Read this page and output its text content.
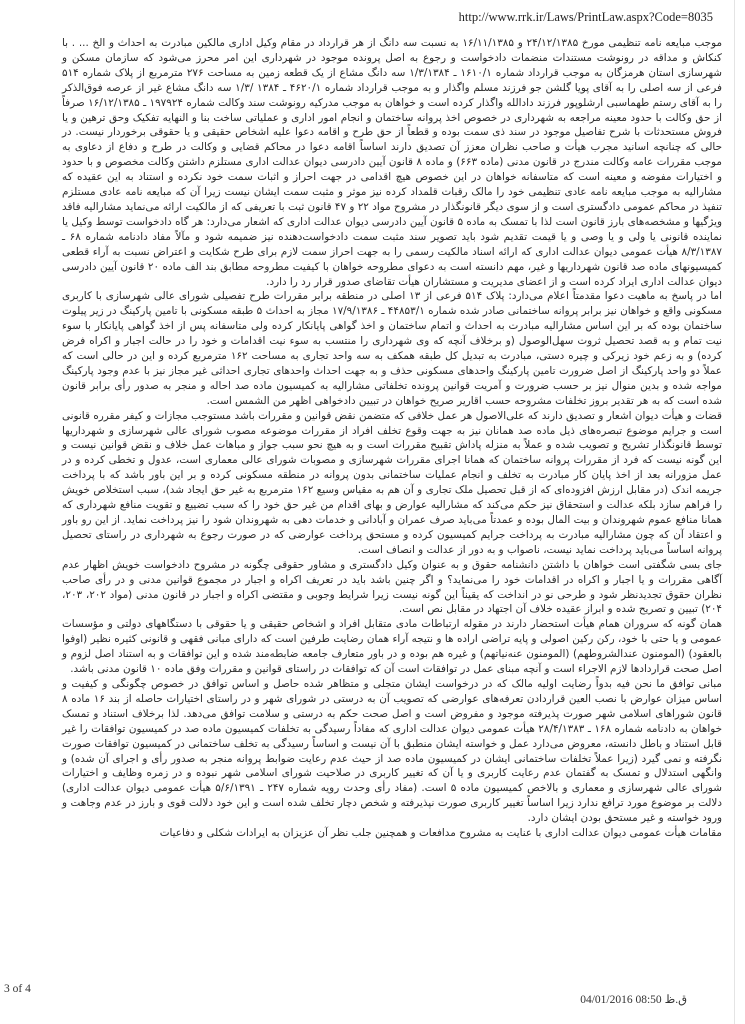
http://www.rrk.ir/Laws/PrintLaw.aspx?Code=8035

موجب مبایعه نامه تنظیمی مورخ ۲۴/۱۲/۱۳۸۵ و ۱۶/۱۱/۱۳۸۵ به نسبت سه دانگ از هر قرارداد در مقام وکیل اداری مالکین مبادرت به احداث و الخ ... . با کنکاش و مداقه در رونوشت مستندات منضمات دادخواست و رجوع به اصل پرونده موجود در شهرداری این امر محرز می‌شود که سازمان مسکن و شهرسازی استان هرمزگان به موجب قرارداد شماره ۱۶۱۰/۱ ـ ۱/۳/۱۳۸۴ سه دانگ مشاع از یک قطعه زمین به مساحت ۲۷۶ مترمربع از پلاک شماره ۵۱۴ فرعی از سه اصلی را به آقای پویا گلشن جو فرزند مسلم واگذار و به موجب قرارداد شماره ۴۶۲۰/۱ ـ ۱۳۸۴ /۱/۳ سه دانگ مشاع غیر از عرصه فوق‌الذکر را به آقای رستم طهماسبی ارشلوپور فرزند دادالله واگذار کرده است و خواهان به موجب مدرکیه رونوشت سند وکالت شماره ۱۹۷۹۲۴ ـ ۱۶/۱۲/۱۳۸۵ صرفاً از حق وکالت با حدود معینه مراجعه به شهرداری در خصوص اخذ پروانه ساختمان و انجام امور اداری و عملیاتی ساخت بنا و النهایه تفکیک وحق ترهین و یا فروش مستحدثات با شرح تفاصیل موجود در سند ذی سمت بوده و قطعاً از حق طرح و اقامه دعوا علیه اشخاص حقیقی و یا حقوقی برخوردار نیست. در حالی که چنانچه اسانید مجرب هیأت و صاحب نظران معزز آن تصدیق دارند اساساً اقامه دعوا در محاکم قضایی و وکالت در طرح و دفاع از دعاوی به موجب مقررات عامه وکالت مندرج در قانون مدنی (ماده ۶۶۳) و ماده ۸ قانون آیین دادرسی دیوان عدالت اداری مستلزم داشتن وکالت مخصوص و با حدود و اختیارات مفوضه و معینه است که متاسفانه خواهان در این خصوص هیچ اقدامی در جهت احراز و اثبات سمت خود نکرده و استناد به این عقیده که مشارالیه به موجب مبایعه نامه عادی تنظیمی خود را مالک رقبات قلمداد کرده نیز موثر و مثبت سمت ایشان نیست زیرا آن که مبایعه نامه عادی مستلزم تنفیذ در محاکم عمومی دادگستری است و از سوی دیگر قانونگذار در مشروح مواد ۲۲ و ۴۷ قانون ثبت با تعریفی که از مالکیت ارائه می‌نماید مشارالیه فاقد ویژگیها و مشخصه‌های بارز قانون است لذا با تمسک به ماده ۵ قانون آیین دادرسی دیوان عدالت اداری که اشعار می‌دارد: هر گاه دادخواست توسط وکیل یا نماینده قانونی یا ولی و یا وصی و یا قیمت تقدیم شود باید تصویر سند مثبت سمت دادخواست‌دهنده نیز ضمیمه شود و مآلاً مفاد دادنامه شماره ۶۸ ـ ۸/۳/۱۳۸۷ هیأت عمومی دیوان عدالت اداری که ارائه اسناد مالکیت رسمی را به جهت احراز سمت لازم برای طرح شکایت و اعتراض نسبت به آراء قطعی کمیسیونهای ماده صد قانون شهرداریها و غیر، مهم دانسته است به دعوای مطروحه خواهان با کیفیت مطروحه مطابق بند الف ماده ۲۰ قانون آیین دادرسی دیوان عدالت اداری ایراد کرده است و از اعضای مدیریت و مستشاران هیأت تقاضای صدور قرار رد را دارد.

اما در پاسخ به ماهیت دعوا مقدمتاً اعلام می‌دارد: پلاک ۵۱۴ فرعی از ۱۳ اصلی در منطقه برابر مقررات طرح تفصیلی شورای عالی شهرسازی با کاربری مسکونی واقع و خواهان نیز برابر پروانه ساختمانی صادر شده شماره ۴۴۸۵۳/۱ ـ ۱۷/۹/۱۳۸۶ مجاز به احداث ۵ طبقه مسکونی با تامین پارکینگ در زیر پیلوت ساختمان بوده که بر این اساس مشارالیه مبادرت به احداث و اتمام ساختمان و اخذ گواهی پایانکار کرده ولی متاسفانه پس از اخذ گواهی پایانکار با سوء نیت تمام و به قصد تحصیل ثروت سهل‌الوصول (و برخلاف آنچه که وی شهرداری را منتسب به سوء نیت اقدامات و خود را در حالت اجبار و اکراه فرض کرده) و به زعم خود زیرکی و چیره دستی، مبادرت به تبدیل کل طبقه همکف به سه واحد تجاری به مساحت ۱۶۲ مترمربع کرده و این در حالی است که عملاً دو واحد پارکینگ از اصل ضرورت تامین پارکینگ واحدهای مسکونی حذف و به جهت احداث واحدهای تجاری احداثی غیر مجاز نیز با عدم وجود پارکینگ مواجه شده و بدین منوال نیز بر حسب ضرورت و آمریت قوانین پرونده تخلفاتی مشارالیه به کمیسیون ماده صد احاله و منجر به صدور رأی برابر قانون شده است که به هر تقدیر بروز تخلفات مشروحه حسب اقاریر صریح خواهان در تبیین دادخواهی اظهر من الشمس است.

قضات و هیأت دیوان اشعار و تصدیق دارند که علی‌الاصول هر عمل خلافی که متضمن نقض قوانین و مقررات باشد مستوجب مجازات و کیفر مقرره قانونی است و جرایم موضوع تبصره‌های ذیل ماده صد همانان نیز به جهت وقوع تخلف افراد از مقررات موضوعه مصوب شورای عالی شهرسازی و شهرداریها توسط قانونگذار تشریح و تصویب شده و عملاً به منزله پاداش تقبیح مقررات است و به هیچ نحو سبب جواز و مباهات عمل خلاف و نقض قوانین نیست و این گونه نیست که فرد از مقررات پروانه ساختمان که همانا اجرای مقررات شهرسازی و مصوبات شورای عالی معماری است، عدول و تخطی کرده و در عمل مزورانه بعد از اخذ پایان کار مبادرت به تخلف و انجام عملیات ساختمانی بدون پروانه در منطقه مسکونی کرده و بر این باور باشد که با پرداخت جریمه اندک (در مقابل ارزش افزوده‌ای که از قبل تحصیل ملک تجاری و آن هم به مقیاس وسیع ۱۶۲ مترمربع به غیر حق ایجاد شد)، سبب استخلاص خویش را فراهم سازد بلکه عدالت و استحقاق نیز حکم می‌کند که مشارالیه عوارض و بهای اقدام من غیر حق خود را که سبب تضییع و تقویت منافع شهرداری که همانا منافع عموم شهروندان و بیت المال بوده و عمدتاً می‌باید صرف عمران و آبادانی و خدمات دهی به شهروندان شود را نیز پرداخت نماید. از این رو باور و اعتقاد آن که چون مشارالیه مبادرت به پرداخت جرایم کمیسیون کرده و مستحق پرداخت عوارضی که در صورت رجوع به شهرداری در راستای تحصیل پروانه اساساً می‌باید پرداخت نماید نیست، ناصواب و به دور از عدالت و انصاف است.

جای بسی شگفتی است خواهان با داشتن دانشنامه حقوق و به عنوان وکیل دادگستری و مشاور حقوقی چگونه در مشروح دادخواست خویش اظهار عدم آگاهی مقررات و یا اجبار و اکراه در اقدامات خود را می‌نماید؟ و اگر چنین باشد باید در تعریف اکراه و اجبار در مجموع قوانین مدنی و در رأی صاحب نظران حقوق تجدیدنظر شود و طرحی نو در انداخت که یقیناً این گونه نیست زیرا شرایط وجوبی و مقتضی اکراه و اجبار در قانون مدنی (مواد ۲۰۲، ۲۰۳، ۲۰۴) تبیین و تصریح شده و ابراز عقیده خلاف آن اجتهاد در مقابل نص است.

همان گونه که سروران همام هیأت استحضار دارند در مقوله ارتباطات مادی متقابل افراد و اشخاص حقیقی و یا حقوقی با دستگاههای دولتی و مؤسسات عمومی و یا حتی با خود، رکن رکین اصولی و پایه تراضی اراده ها و نتیجه آراء همان رضایت طرفین است که دارای مبانی فقهی و قانونی کثیره نظیر (اوفوا بالعقود) (المومنون عندالشروطهم) (المومنون عنه‌نیاتهم) و غیره هم بوده و در باور متعارف جامعه ضابطه‌مند شده و این توافقات و به استناد اصل لزوم و اصل صحت قراردادها لازم الاجراء است و آنچه مبنای عمل در توافقات است آن که توافقات در راستای قوانین و مقررات وفق ماده ۱۰ قانون مدنی باشد.

مبانی توافق ما نحن فیه بدواً رضایت اولیه مالک که در درخواست ایشان متجلی و متظاهر شده حاصل و اساس توافق در خصوص چگونگی و کیفیت و اساس میزان عوارض با نصب العین قراردادن تعرفه‌های عوارضی که تصویب آن به درستی در شورای شهر و در راستای اختیارات حاصله از بند ۱۶ ماده ۸ قانون شوراهای اسلامی شهر صورت پذیرفته موجود و مفروض است و اصل صحت حکم به درستی و سلامت توافق می‌دهد. لذا برخلاف استناد و تمسک خواهان به دادنامه شماره ۱۶۸ ـ ۲۸/۴/۱۳۸۳ هیأت عمومی دیوان عدالت اداری که مفاداً رسیدگی به تخلفات کمیسیون ماده صد در کمیسیون توافقات را غیر قابل استناد و باطل دانسته، معروض می‌دارد عمل و خواسته ایشان منطبق با آن نیست و اساساً رسیدگی به تخلف ساختمانی در کمیسیون توافقات صورت نگرفته و نمی گیرد (زیرا عملاً تخلفات ساختمانی ایشان در کمیسیون ماده صد از حیث عدم رعایت ضوابط پروانه منجر به صدور رأی و اجرای آن شده) و وانگهی استدلال و تمسک به گفتمان عدم رعایت کاربری و یا آن که تغییر کاربری در صلاحیت شورای اسلامی شهر نبوده و در زمره وظایف و اختیارات شورای عالی شهرسازی و معماری و بالاخص کمیسیون ماده ۵ است. (مفاد رأی وحدت رویه شماره ۲۴۷ ـ ۵/۶/۱۳۹۱ هیأت عمومی دیوان عدالت اداری) دلالت بر موضوع مورد ترافع ندارد زیرا اساساً تغییر کاربری صورت نپذیرفته و شخص دچار تخلف شده است و این خود دلالت قوی و بارز در عدم وجاهت و ورود خواسته و غیر مستحق بودن ایشان دارد.

مقامات هیأت عمومی دیوان عدالت اداری با عنایت به مشروح مدافعات و همچنین جلب نظر آن عزیزان به ایرادات شکلی و دفاعیات

3 of 4
04/01/2016 08:50 ق.ظ
